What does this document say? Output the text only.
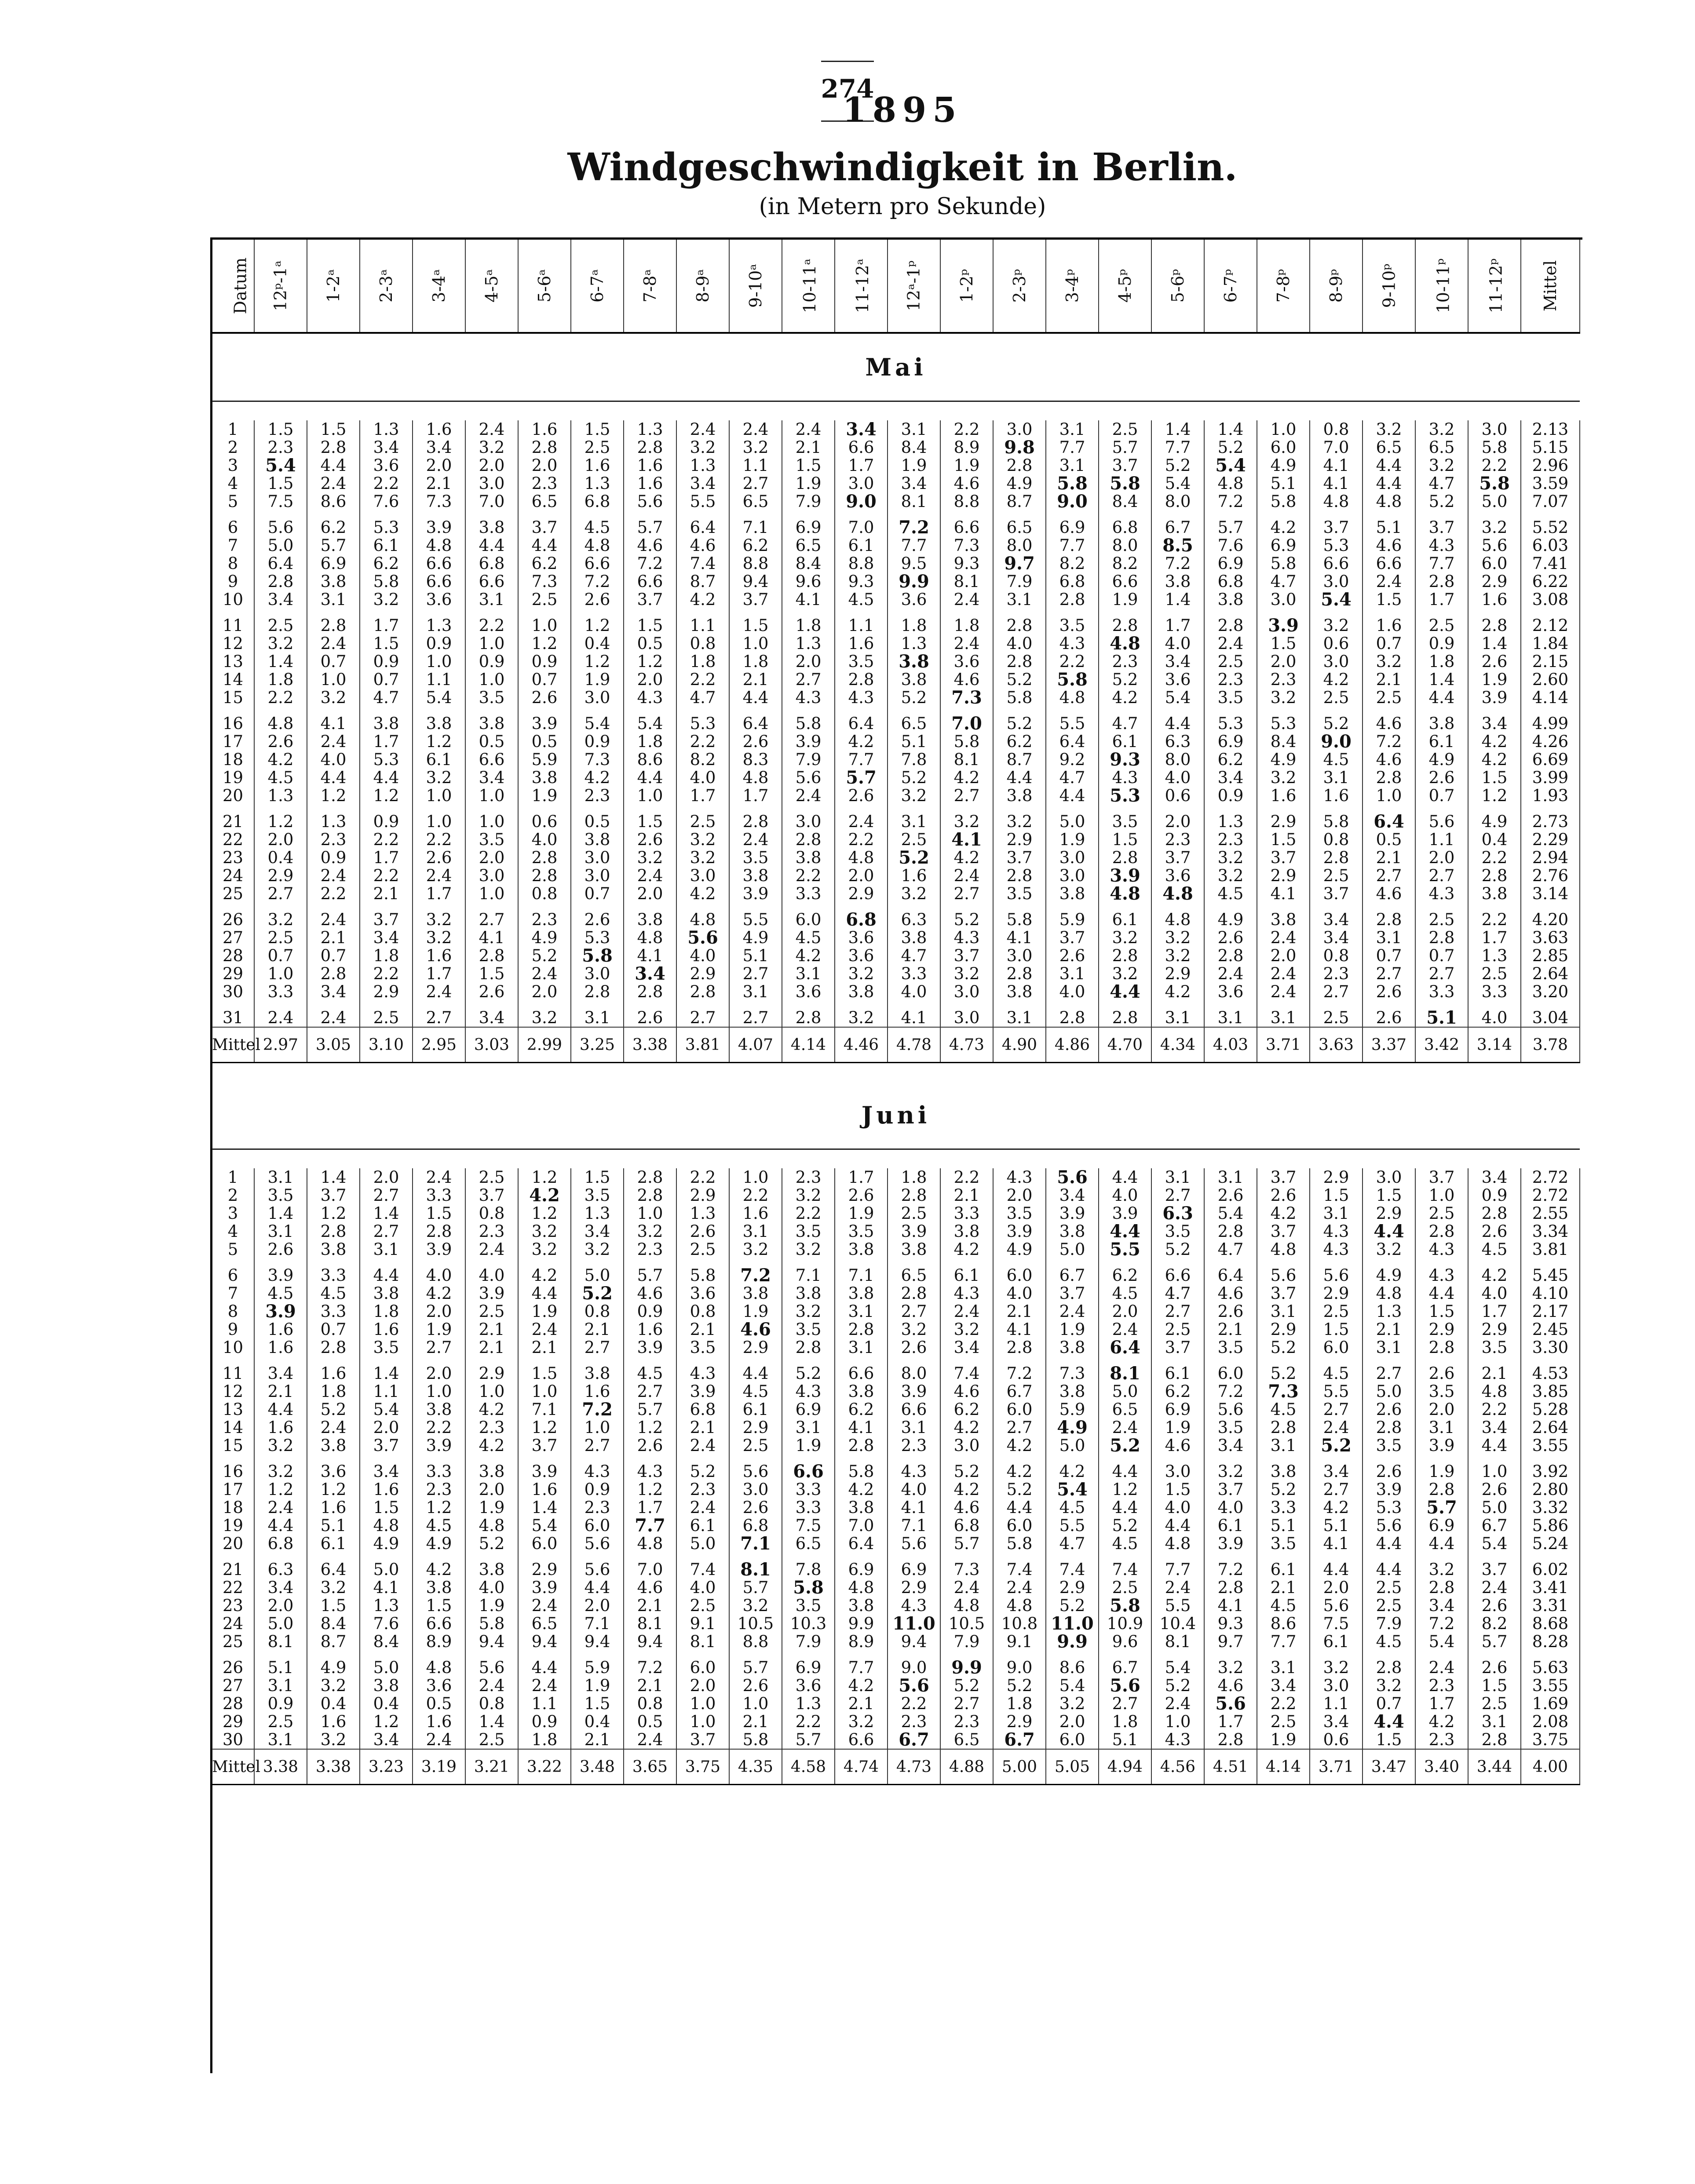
274
1895
Windgeschwindigkeit in Berlin.
(in Metern pro Sekunde)
Datum	12ᵖ-1ᵃ	1-2ᵃ	2-3ᵃ	3-4ᵃ	4-5ᵃ	5-6ᵃ	6-7ᵃ	7-8ᵃ	8-9ᵃ	9-10ᵃ	10-11ᵃ	11-12ᵃ	12ᵃ-1ᵖ	1-2ᵖ	2-3ᵖ	3-4ᵖ	4-5ᵖ	5-6ᵖ	6-7ᵖ	7-8ᵖ	8-9ᵖ	9-10ᵖ	10-11ᵖ	11-12ᵖ	Mittel
Mai																									

1	1.5	1.5	1.3	1.6	2.4	1.6	1.5	1.3	2.4	2.4	2.4	3.4	3.1	2.2	3.0	3.1	2.5	1.4	1.4	1.0	0.8	3.2	3.2	3.0	2.13
2	2.3	2.8	3.4	3.4	3.2	2.8	2.5	2.8	3.2	3.2	2.1	6.6	8.4	8.9	9.8	7.7	5.7	7.7	5.2	6.0	7.0	6.5	6.5	5.8	5.15
3	5.4	4.4	3.6	2.0	2.0	2.0	1.6	1.6	1.3	1.1	1.5	1.7	1.9	1.9	2.8	3.1	3.7	5.2	5.4	4.9	4.1	4.4	3.2	2.2	2.96
4	1.5	2.4	2.2	2.1	3.0	2.3	1.3	1.6	3.4	2.7	1.9	3.0	3.4	4.6	4.9	5.8	5.8	5.4	4.8	5.1	4.1	4.4	4.7	5.8	3.59
5	7.5	8.6	7.6	7.3	7.0	6.5	6.8	5.6	5.5	6.5	7.9	9.0	8.1	8.8	8.7	9.0	8.4	8.0	7.2	5.8	4.8	4.8	5.2	5.0	7.07
6	5.6	6.2	5.3	3.9	3.8	3.7	4.5	5.7	6.4	7.1	6.9	7.0	7.2	6.6	6.5	6.9	6.8	6.7	5.7	4.2	3.7	5.1	3.7	3.2	5.52
7	5.0	5.7	6.1	4.8	4.4	4.4	4.8	4.6	4.6	6.2	6.5	6.1	7.7	7.3	8.0	7.7	8.0	8.5	7.6	6.9	5.3	4.6	4.3	5.6	6.03
8	6.4	6.9	6.2	6.6	6.8	6.2	6.6	7.2	7.4	8.8	8.4	8.8	9.5	9.3	9.7	8.2	8.2	7.2	6.9	5.8	6.6	6.6	7.7	6.0	7.41
9	2.8	3.8	5.8	6.6	6.6	7.3	7.2	6.6	8.7	9.4	9.6	9.3	9.9	8.1	7.9	6.8	6.6	3.8	6.8	4.7	3.0	2.4	2.8	2.9	6.22
10	3.4	3.1	3.2	3.6	3.1	2.5	2.6	3.7	4.2	3.7	4.1	4.5	3.6	2.4	3.1	2.8	1.9	1.4	3.8	3.0	5.4	1.5	1.7	1.6	3.08
11	2.5	2.8	1.7	1.3	2.2	1.0	1.2	1.5	1.1	1.5	1.8	1.1	1.8	1.8	2.8	3.5	2.8	1.7	2.8	3.9	3.2	1.6	2.5	2.8	2.12
12	3.2	2.4	1.5	0.9	1.0	1.2	0.4	0.5	0.8	1.0	1.3	1.6	1.3	2.4	4.0	4.3	4.8	4.0	2.4	1.5	0.6	0.7	0.9	1.4	1.84
13	1.4	0.7	0.9	1.0	0.9	0.9	1.2	1.2	1.8	1.8	2.0	3.5	3.8	3.6	2.8	2.2	2.3	3.4	2.5	2.0	3.0	3.2	1.8	2.6	2.15
14	1.8	1.0	0.7	1.1	1.0	0.7	1.9	2.0	2.2	2.1	2.7	2.8	3.8	4.6	5.2	5.8	5.2	3.6	2.3	2.3	4.2	2.1	1.4	1.9	2.60
15	2.2	3.2	4.7	5.4	3.5	2.6	3.0	4.3	4.7	4.4	4.3	4.3	5.2	7.3	5.8	4.8	4.2	5.4	3.5	3.2	2.5	2.5	4.4	3.9	4.14
16	4.8	4.1	3.8	3.8	3.8	3.9	5.4	5.4	5.3	6.4	5.8	6.4	6.5	7.0	5.2	5.5	4.7	4.4	5.3	5.3	5.2	4.6	3.8	3.4	4.99
17	2.6	2.4	1.7	1.2	0.5	0.5	0.9	1.8	2.2	2.6	3.9	4.2	5.1	5.8	6.2	6.4	6.1	6.3	6.9	8.4	9.0	7.2	6.1	4.2	4.26
18	4.2	4.0	5.3	6.1	6.6	5.9	7.3	8.6	8.2	8.3	7.9	7.7	7.8	8.1	8.7	9.2	9.3	8.0	6.2	4.9	4.5	4.6	4.9	4.2	6.69
19	4.5	4.4	4.4	3.2	3.4	3.8	4.2	4.4	4.0	4.8	5.6	5.7	5.2	4.2	4.4	4.7	4.3	4.0	3.4	3.2	3.1	2.8	2.6	1.5	3.99
20	1.3	1.2	1.2	1.0	1.0	1.9	2.3	1.0	1.7	1.7	2.4	2.6	3.2	2.7	3.8	4.4	5.3	0.6	0.9	1.6	1.6	1.0	0.7	1.2	1.93
21	1.2	1.3	0.9	1.0	1.0	0.6	0.5	1.5	2.5	2.8	3.0	2.4	3.1	3.2	3.2	5.0	3.5	2.0	1.3	2.9	5.8	6.4	5.6	4.9	2.73
22	2.0	2.3	2.2	2.2	3.5	4.0	3.8	2.6	3.2	2.4	2.8	2.2	2.5	4.1	2.9	1.9	1.5	2.3	2.3	1.5	0.8	0.5	1.1	0.4	2.29
23	0.4	0.9	1.7	2.6	2.0	2.8	3.0	3.2	3.2	3.5	3.8	4.8	5.2	4.2	3.7	3.0	2.8	3.7	3.2	3.7	2.8	2.1	2.0	2.2	2.94
24	2.9	2.4	2.2	2.4	3.0	2.8	3.0	2.4	3.0	3.8	2.2	2.0	1.6	2.4	2.8	3.0	3.9	3.6	3.2	2.9	2.5	2.7	2.7	2.8	2.76
25	2.7	2.2	2.1	1.7	1.0	0.8	0.7	2.0	4.2	3.9	3.3	2.9	3.2	2.7	3.5	3.8	4.8	4.8	4.5	4.1	3.7	4.6	4.3	3.8	3.14
26	3.2	2.4	3.7	3.2	2.7	2.3	2.6	3.8	4.8	5.5	6.0	6.8	6.3	5.2	5.8	5.9	6.1	4.8	4.9	3.8	3.4	2.8	2.5	2.2	4.20
27	2.5	2.1	3.4	3.2	4.1	4.9	5.3	4.8	5.6	4.9	4.5	3.6	3.8	4.3	4.1	3.7	3.2	3.2	2.6	2.4	3.4	3.1	2.8	1.7	3.63
28	0.7	0.7	1.8	1.6	2.8	5.2	5.8	4.1	4.0	5.1	4.2	3.6	4.7	3.7	3.0	2.6	2.8	3.2	2.8	2.0	0.8	0.7	0.7	1.3	2.85
29	1.0	2.8	2.2	1.7	1.5	2.4	3.0	3.4	2.9	2.7	3.1	3.2	3.3	3.2	2.8	3.1	3.2	2.9	2.4	2.4	2.3	2.7	2.7	2.5	2.64
30	3.3	3.4	2.9	2.4	2.6	2.0	2.8	2.8	2.8	3.1	3.6	3.8	4.0	3.0	3.8	4.0	4.4	4.2	3.6	2.4	2.7	2.6	3.3	3.3	3.20
31	2.4	2.4	2.5	2.7	3.4	3.2	3.1	2.6	2.7	2.7	2.8	3.2	4.1	3.0	3.1	2.8	2.8	3.1	3.1	3.1	2.5	2.6	5.1	4.0	3.04
Mittel	2.97	3.05	3.10	2.95	3.03	2.99	3.25	3.38	3.81	4.07	4.14	4.46	4.78	4.73	4.90	4.86	4.70	4.34	4.03	3.71	3.63	3.37	3.42	3.14	3.78

Juni																									

1	3.1	1.4	2.0	2.4	2.5	1.2	1.5	2.8	2.2	1.0	2.3	1.7	1.8	2.2	4.3	5.6	4.4	3.1	3.1	3.7	2.9	3.0	3.7	3.4	2.72
2	3.5	3.7	2.7	3.3	3.7	4.2	3.5	2.8	2.9	2.2	3.2	2.6	2.8	2.1	2.0	3.4	4.0	2.7	2.6	2.6	1.5	1.5	1.0	0.9	2.72
3	1.4	1.2	1.4	1.5	0.8	1.2	1.3	1.0	1.3	1.6	2.2	1.9	2.5	3.3	3.5	3.9	3.9	6.3	5.4	4.2	3.1	2.9	2.5	2.8	2.55
4	3.1	2.8	2.7	2.8	2.3	3.2	3.4	3.2	2.6	3.1	3.5	3.5	3.9	3.8	3.9	3.8	4.4	3.5	2.8	3.7	4.3	4.4	2.8	2.6	3.34
5	2.6	3.8	3.1	3.9	2.4	3.2	3.2	2.3	2.5	3.2	3.2	3.8	3.8	4.2	4.9	5.0	5.5	5.2	4.7	4.8	4.3	3.2	4.3	4.5	3.81
6	3.9	3.3	4.4	4.0	4.0	4.2	5.0	5.7	5.8	7.2	7.1	7.1	6.5	6.1	6.0	6.7	6.2	6.6	6.4	5.6	5.6	4.9	4.3	4.2	5.45
7	4.5	4.5	3.8	4.2	3.9	4.4	5.2	4.6	3.6	3.8	3.8	3.8	2.8	4.3	4.0	3.7	4.5	4.7	4.6	3.7	2.9	4.8	4.4	4.0	4.10
8	3.9	3.3	1.8	2.0	2.5	1.9	0.8	0.9	0.8	1.9	3.2	3.1	2.7	2.4	2.1	2.4	2.0	2.7	2.6	3.1	2.5	1.3	1.5	1.7	2.17
9	1.6	0.7	1.6	1.9	2.1	2.4	2.1	1.6	2.1	4.6	3.5	2.8	3.2	3.2	4.1	1.9	2.4	2.5	2.1	2.9	1.5	2.1	2.9	2.9	2.45
10	1.6	2.8	3.5	2.7	2.1	2.1	2.7	3.9	3.5	2.9	2.8	3.1	2.6	3.4	2.8	3.8	6.4	3.7	3.5	5.2	6.0	3.1	2.8	3.5	3.30
11	3.4	1.6	1.4	2.0	2.9	1.5	3.8	4.5	4.3	4.4	5.2	6.6	8.0	7.4	7.2	7.3	8.1	6.1	6.0	5.2	4.5	2.7	2.6	2.1	4.53
12	2.1	1.8	1.1	1.0	1.0	1.0	1.6	2.7	3.9	4.5	4.3	3.8	3.9	4.6	6.7	3.8	5.0	6.2	7.2	7.3	5.5	5.0	3.5	4.8	3.85
13	4.4	5.2	5.4	3.8	4.2	7.1	7.2	5.7	6.8	6.1	6.9	6.2	6.6	6.2	6.0	5.9	6.5	6.9	5.6	4.5	2.7	2.6	2.0	2.2	5.28
14	1.6	2.4	2.0	2.2	2.3	1.2	1.0	1.2	2.1	2.9	3.1	4.1	3.1	4.2	2.7	4.9	2.4	1.9	3.5	2.8	2.4	2.8	3.1	3.4	2.64
15	3.2	3.8	3.7	3.9	4.2	3.7	2.7	2.6	2.4	2.5	1.9	2.8	2.3	3.0	4.2	5.0	5.2	4.6	3.4	3.1	5.2	3.5	3.9	4.4	3.55
16	3.2	3.6	3.4	3.3	3.8	3.9	4.3	4.3	5.2	5.6	6.6	5.8	4.3	5.2	4.2	4.2	4.4	3.0	3.2	3.8	3.4	2.6	1.9	1.0	3.92
17	1.2	1.2	1.6	2.3	2.0	1.6	0.9	1.2	2.3	3.0	3.3	4.2	4.0	4.2	5.2	5.4	1.2	1.5	3.7	5.2	2.7	3.9	2.8	2.6	2.80
18	2.4	1.6	1.5	1.2	1.9	1.4	2.3	1.7	2.4	2.6	3.3	3.8	4.1	4.6	4.4	4.5	4.4	4.0	4.0	3.3	4.2	5.3	5.7	5.0	3.32
19	4.4	5.1	4.8	4.5	4.8	5.4	6.0	7.7	6.1	6.8	7.5	7.0	7.1	6.8	6.0	5.5	5.2	4.4	6.1	5.1	5.1	5.6	6.9	6.7	5.86
20	6.8	6.1	4.9	4.9	5.2	6.0	5.6	4.8	5.0	7.1	6.5	6.4	5.6	5.7	5.8	4.7	4.5	4.8	3.9	3.5	4.1	4.4	4.4	5.4	5.24
21	6.3	6.4	5.0	4.2	3.8	2.9	5.6	7.0	7.4	8.1	7.8	6.9	6.9	7.3	7.4	7.4	7.4	7.7	7.2	6.1	4.4	4.4	3.2	3.7	6.02
22	3.4	3.2	4.1	3.8	4.0	3.9	4.4	4.6	4.0	5.7	5.8	4.8	2.9	2.4	2.4	2.9	2.5	2.4	2.8	2.1	2.0	2.5	2.8	2.4	3.41
23	2.0	1.5	1.3	1.5	1.9	2.4	2.0	2.1	2.5	3.2	3.5	3.8	4.3	4.8	4.8	5.2	5.8	5.5	4.1	4.5	5.6	2.5	3.4	2.6	3.31
24	5.0	8.4	7.6	6.6	5.8	6.5	7.1	8.1	9.1	10.5	10.3	9.9	11.0	10.5	10.8	11.0	10.9	10.4	9.3	8.6	7.5	7.9	7.2	8.2	8.68
25	8.1	8.7	8.4	8.9	9.4	9.4	9.4	9.4	8.1	8.8	7.9	8.9	9.4	7.9	9.1	9.9	9.6	8.1	9.7	7.7	6.1	4.5	5.4	5.7	8.28
26	5.1	4.9	5.0	4.8	5.6	4.4	5.9	7.2	6.0	5.7	6.9	7.7	9.0	9.9	9.0	8.6	6.7	5.4	3.2	3.1	3.2	2.8	2.4	2.6	5.63
27	3.1	3.2	3.8	3.6	2.4	2.4	1.9	2.1	2.0	2.6	3.6	4.2	5.6	5.2	5.2	5.4	5.6	5.2	4.6	3.4	3.0	3.2	2.3	1.5	3.55
28	0.9	0.4	0.4	0.5	0.8	1.1	1.5	0.8	1.0	1.0	1.3	2.1	2.2	2.7	1.8	3.2	2.7	2.4	5.6	2.2	1.1	0.7	1.7	2.5	1.69
29	2.5	1.6	1.2	1.6	1.4	0.9	0.4	0.5	1.0	2.1	2.2	3.2	2.3	2.3	2.9	2.0	1.8	1.0	1.7	2.5	3.4	4.4	4.2	3.1	2.08
30	3.1	3.2	3.4	2.4	2.5	1.8	2.1	2.4	3.7	5.8	5.7	6.6	6.7	6.5	6.7	6.0	5.1	4.3	2.8	1.9	0.6	1.5	2.3	2.8	3.75
Mittel	3.38	3.38	3.23	3.19	3.21	3.22	3.48	3.65	3.75	4.35	4.58	4.74	4.73	4.88	5.00	5.05	4.94	4.56	4.51	4.14	3.71	3.47	3.40	3.44	4.00
